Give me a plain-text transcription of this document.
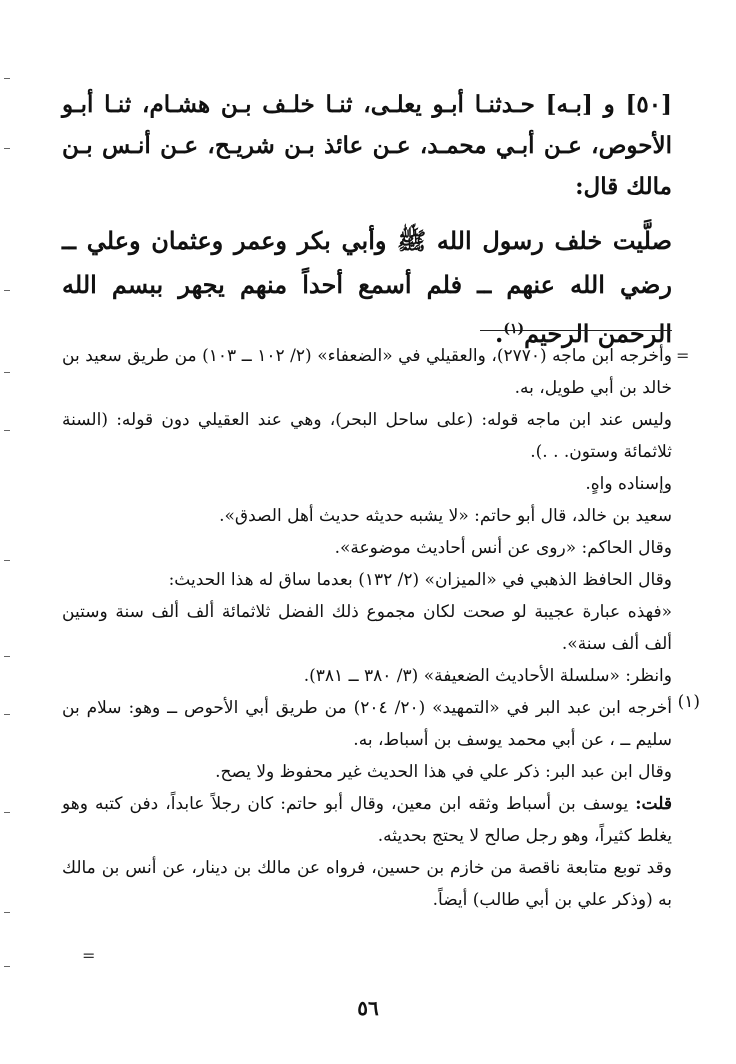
[٥٠] و [بـه] حـدثنـا أبـو يعلـى، ثنـا خلـف بـن هشـام، ثنـا أبـو الأحوص، عـن أبـي محمـد، عـن عائذ بـن شريـح، عـن أنـس بـن مالك قال:

صلَّيت خلف رسول الله ﷺ وأبي بكر وعمر وعثمان وعلي ــ رضي الله عنهم ــ فلم أسمع أحداً منهم يجهر ببسم الله الرحمن الرحيم$^{(١)}$.

=

وأخرجه ابن ماجه (٢٧٧٠)، والعقيلي في «الضعفاء» (٢/ ١٠٢ ــ ١٠٣) من طريق سعيد بن خالد بن أبي طويل، به.

وليس عند ابن ماجه قوله: (على ساحل البحر)، وهي عند العقيلي دون قوله: (السنة ثلاثمائة وستون. . .).

وإسناده واهٍ.

سعيد بن خالد، قال أبو حاتم: «لا يشبه حديثه حديث أهل الصدق».

وقال الحاكم: «روى عن أنس أحاديث موضوعة».

وقال الحافظ الذهبي في «الميزان» (٢/ ١٣٢) بعدما ساق له هذا الحديث:

«فهذه عبارة عجيبة لو صحت لكان مجموع ذلك الفضل ثلاثمائة ألف ألف سنة وستين ألف ألف سنة».

وانظر: «سلسلة الأحاديث الضعيفة» (٣/ ٣٨٠ ــ ٣٨١).

(١)

أخرجه ابن عبد البر في «التمهيد» (٢٠/ ٢٠٤) من طريق أبي الأحوص ــ وهو: سلام بن سليم ــ ، عن أبي محمد يوسف بن أسباط، به.

وقال ابن عبد البر: ذكر علي في هذا الحديث غير محفوظ ولا يصح.

قلت: يوسف بن أسباط وثقه ابن معين، وقال أبو حاتم: كان رجلاً عابداً، دفن كتبه وهو يغلط كثيراً، وهو رجل صالح لا يحتج بحديثه.

وقد توبع متابعة ناقصة من خازم بن حسين، فرواه عن مالك بن دينار، عن أنس بن مالك به (وذكر علي بن أبي طالب) أيضاً.

=
٥٦
